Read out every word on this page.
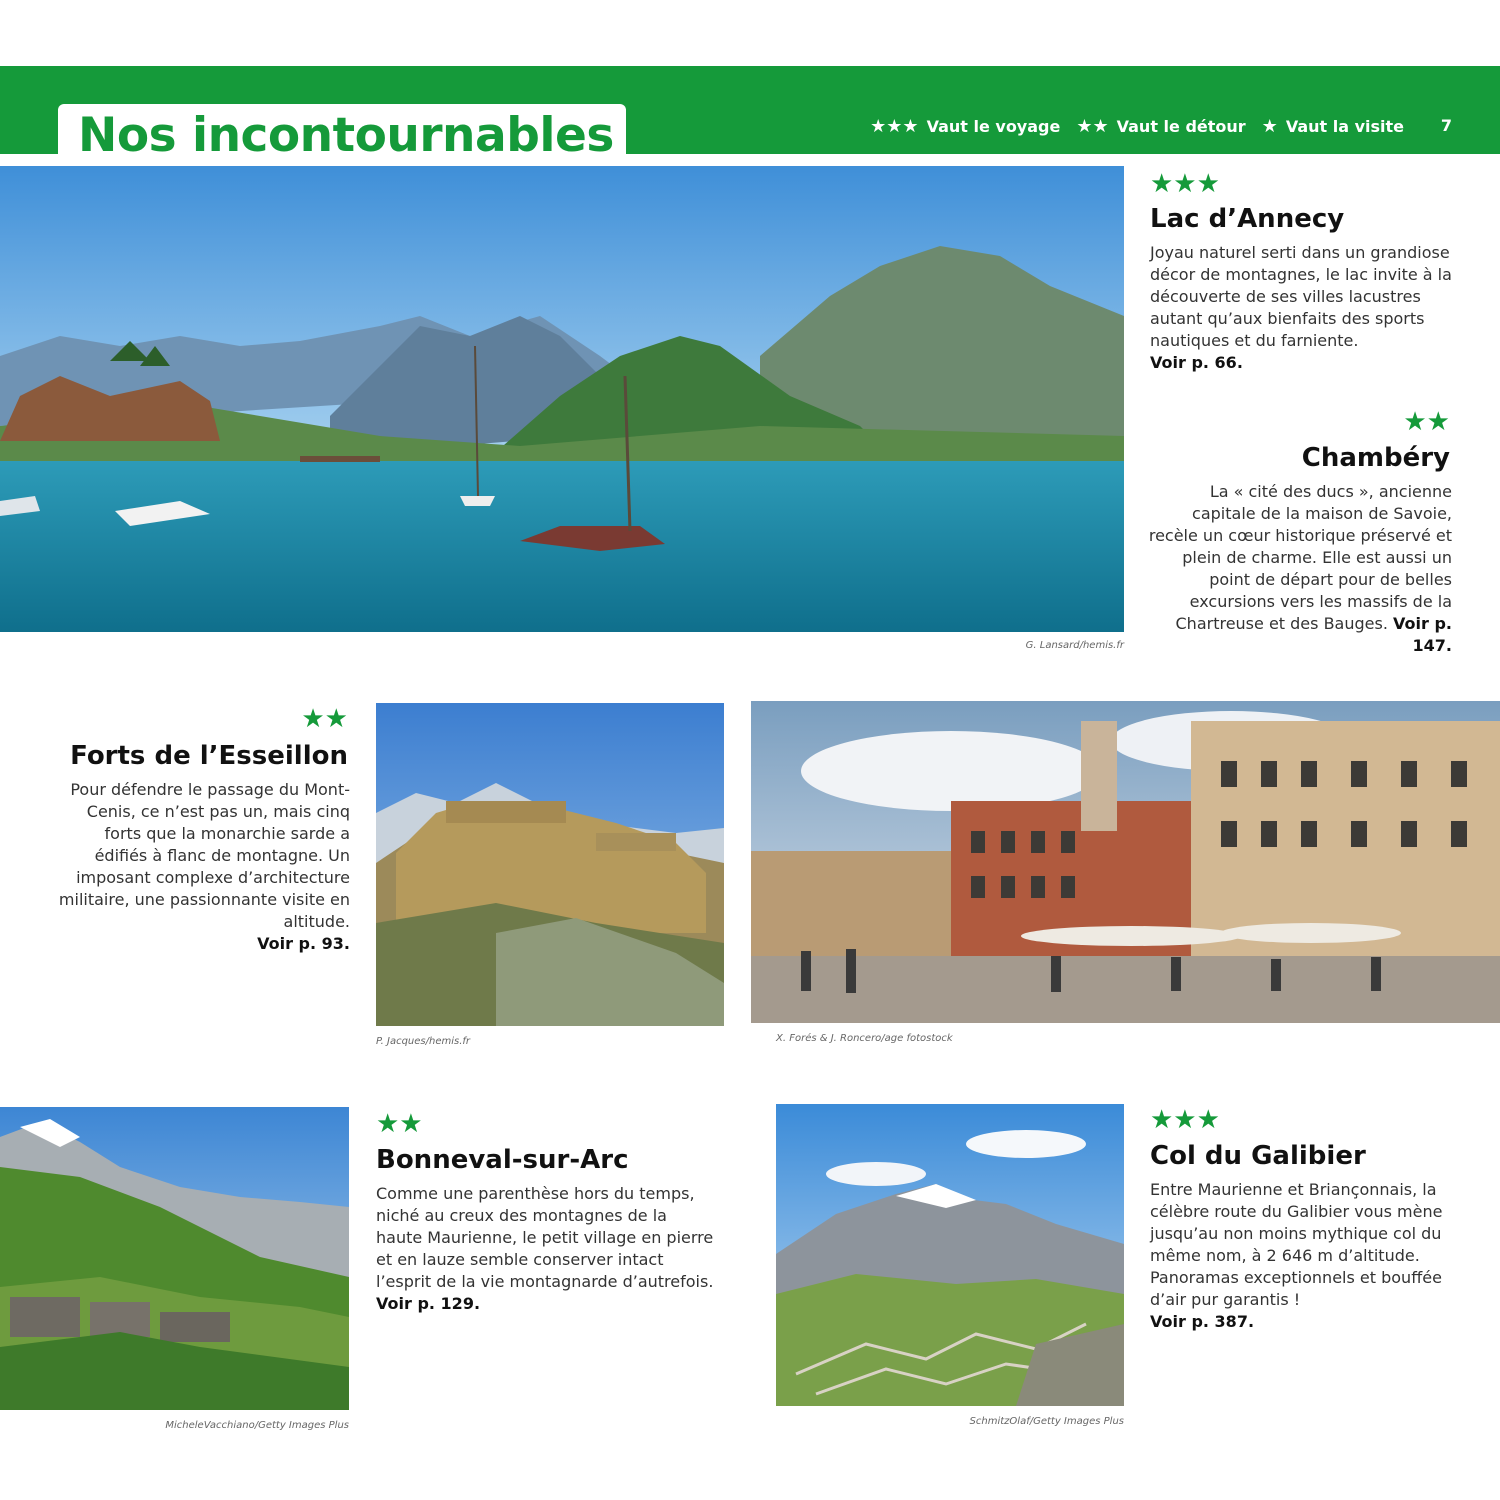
Nos incontournables	★★★ Vaut le voyage ★★ Vaut le détour ★ Vaut la visite 7
G. Lansard/hemis.fr
★★★
Lac d’Annecy
Joyau naturel serti dans un grandiose décor de montagnes, le lac invite à la découverte de ses villes lacustres autant qu’aux bienfaits des sports nautiques et du farniente.
Voir p. 66.
★★
Chambéry
La « cité des ducs », ancienne capitale de la maison de Savoie, recèle un cœur historique préservé et plein de charme. Elle est aussi un point de départ pour de belles excursions vers les massifs de la Chartreuse et des Bauges. Voir p. 147.
★★
Forts de l’Esseillon
Pour défendre le passage du Mont-Cenis, ce n’est pas un, mais cinq forts que la monarchie sarde a édifiés à flanc de montagne. Un imposant complexe d’architecture militaire, une passionnante visite en altitude.
Voir p. 93.
P. Jacques/hemis.fr	X. Forés & J. Roncero/age fotostock
MicheleVacchiano/Getty Images Plus
★★
Bonneval-sur-Arc
Comme une parenthèse hors du temps, niché au creux des montagnes de la haute Maurienne, le petit village en pierre et en lauze semble conserver intact l’esprit de la vie montagnarde d’autrefois.
Voir p. 129.
SchmitzOlaf/Getty Images Plus
★★★
Col du Galibier
Entre Maurienne et Briançonnais, la célèbre route du Galibier vous mène jusqu’au non moins mythique col du même nom, à 2 646 m d’altitude. Panoramas exceptionnels et bouffée d’air pur garantis !
Voir p. 387.
